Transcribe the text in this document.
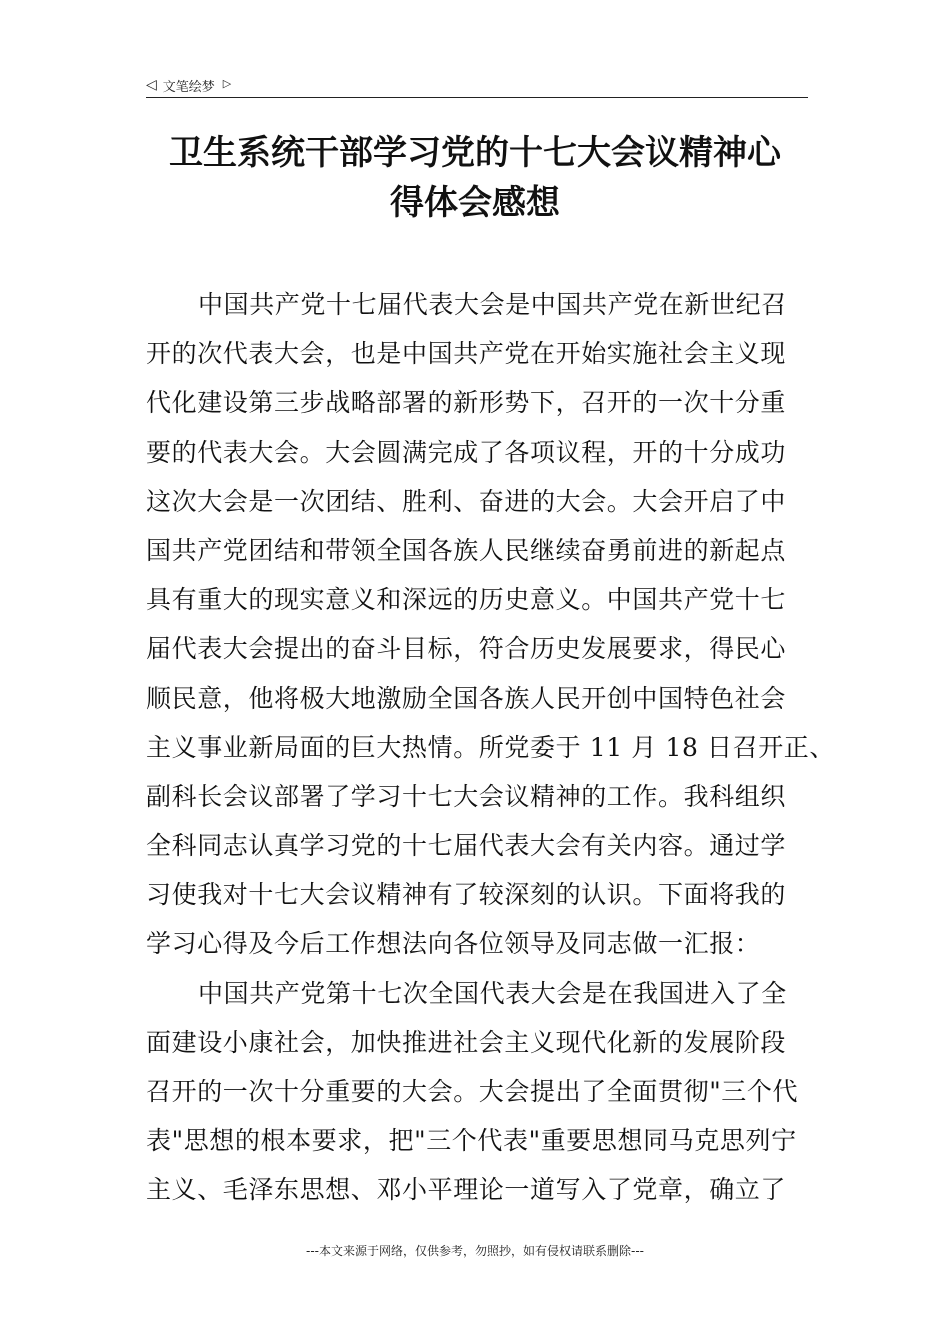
◁ 文笔绘梦 ▷
卫生系统干部学习党的十七大会议精神心
得体会感想
中国共产党十七届代表大会是中国共产党在新世纪召
开的次代表大会，也是中国共产党在开始实施社会主义现
代化建设第三步战略部署的新形势下，召开的一次十分重
要的代表大会。大会圆满完成了各项议程，开的十分成功
这次大会是一次团结、胜利、奋进的大会。大会开启了中
国共产党团结和带领全国各族人民继续奋勇前进的新起点
具有重大的现实意义和深远的历史意义。中国共产党十七
届代表大会提出的奋斗目标，符合历史发展要求，得民心
顺民意，他将极大地激励全国各族人民开创中国特色社会
主义事业新局面的巨大热情。所党委于 11 月 18 日召开正、
副科长会议部署了学习十七大会议精神的工作。我科组织
全科同志认真学习党的十七届代表大会有关内容。通过学
习使我对十七大会议精神有了较深刻的认识。下面将我的
学习心得及今后工作想法向各位领导及同志做一汇报：
中国共产党第十七次全国代表大会是在我国进入了全
面建设小康社会，加快推进社会主义现代化新的发展阶段
召开的一次十分重要的大会。大会提出了全面贯彻"三个代
表"思想的根本要求，把"三个代表"重要思想同马克思列宁
主义、毛泽东思想、邓小平理论一道写入了党章，确立了
---本文来源于网络，仅供参考，勿照抄，如有侵权请联系删除---
